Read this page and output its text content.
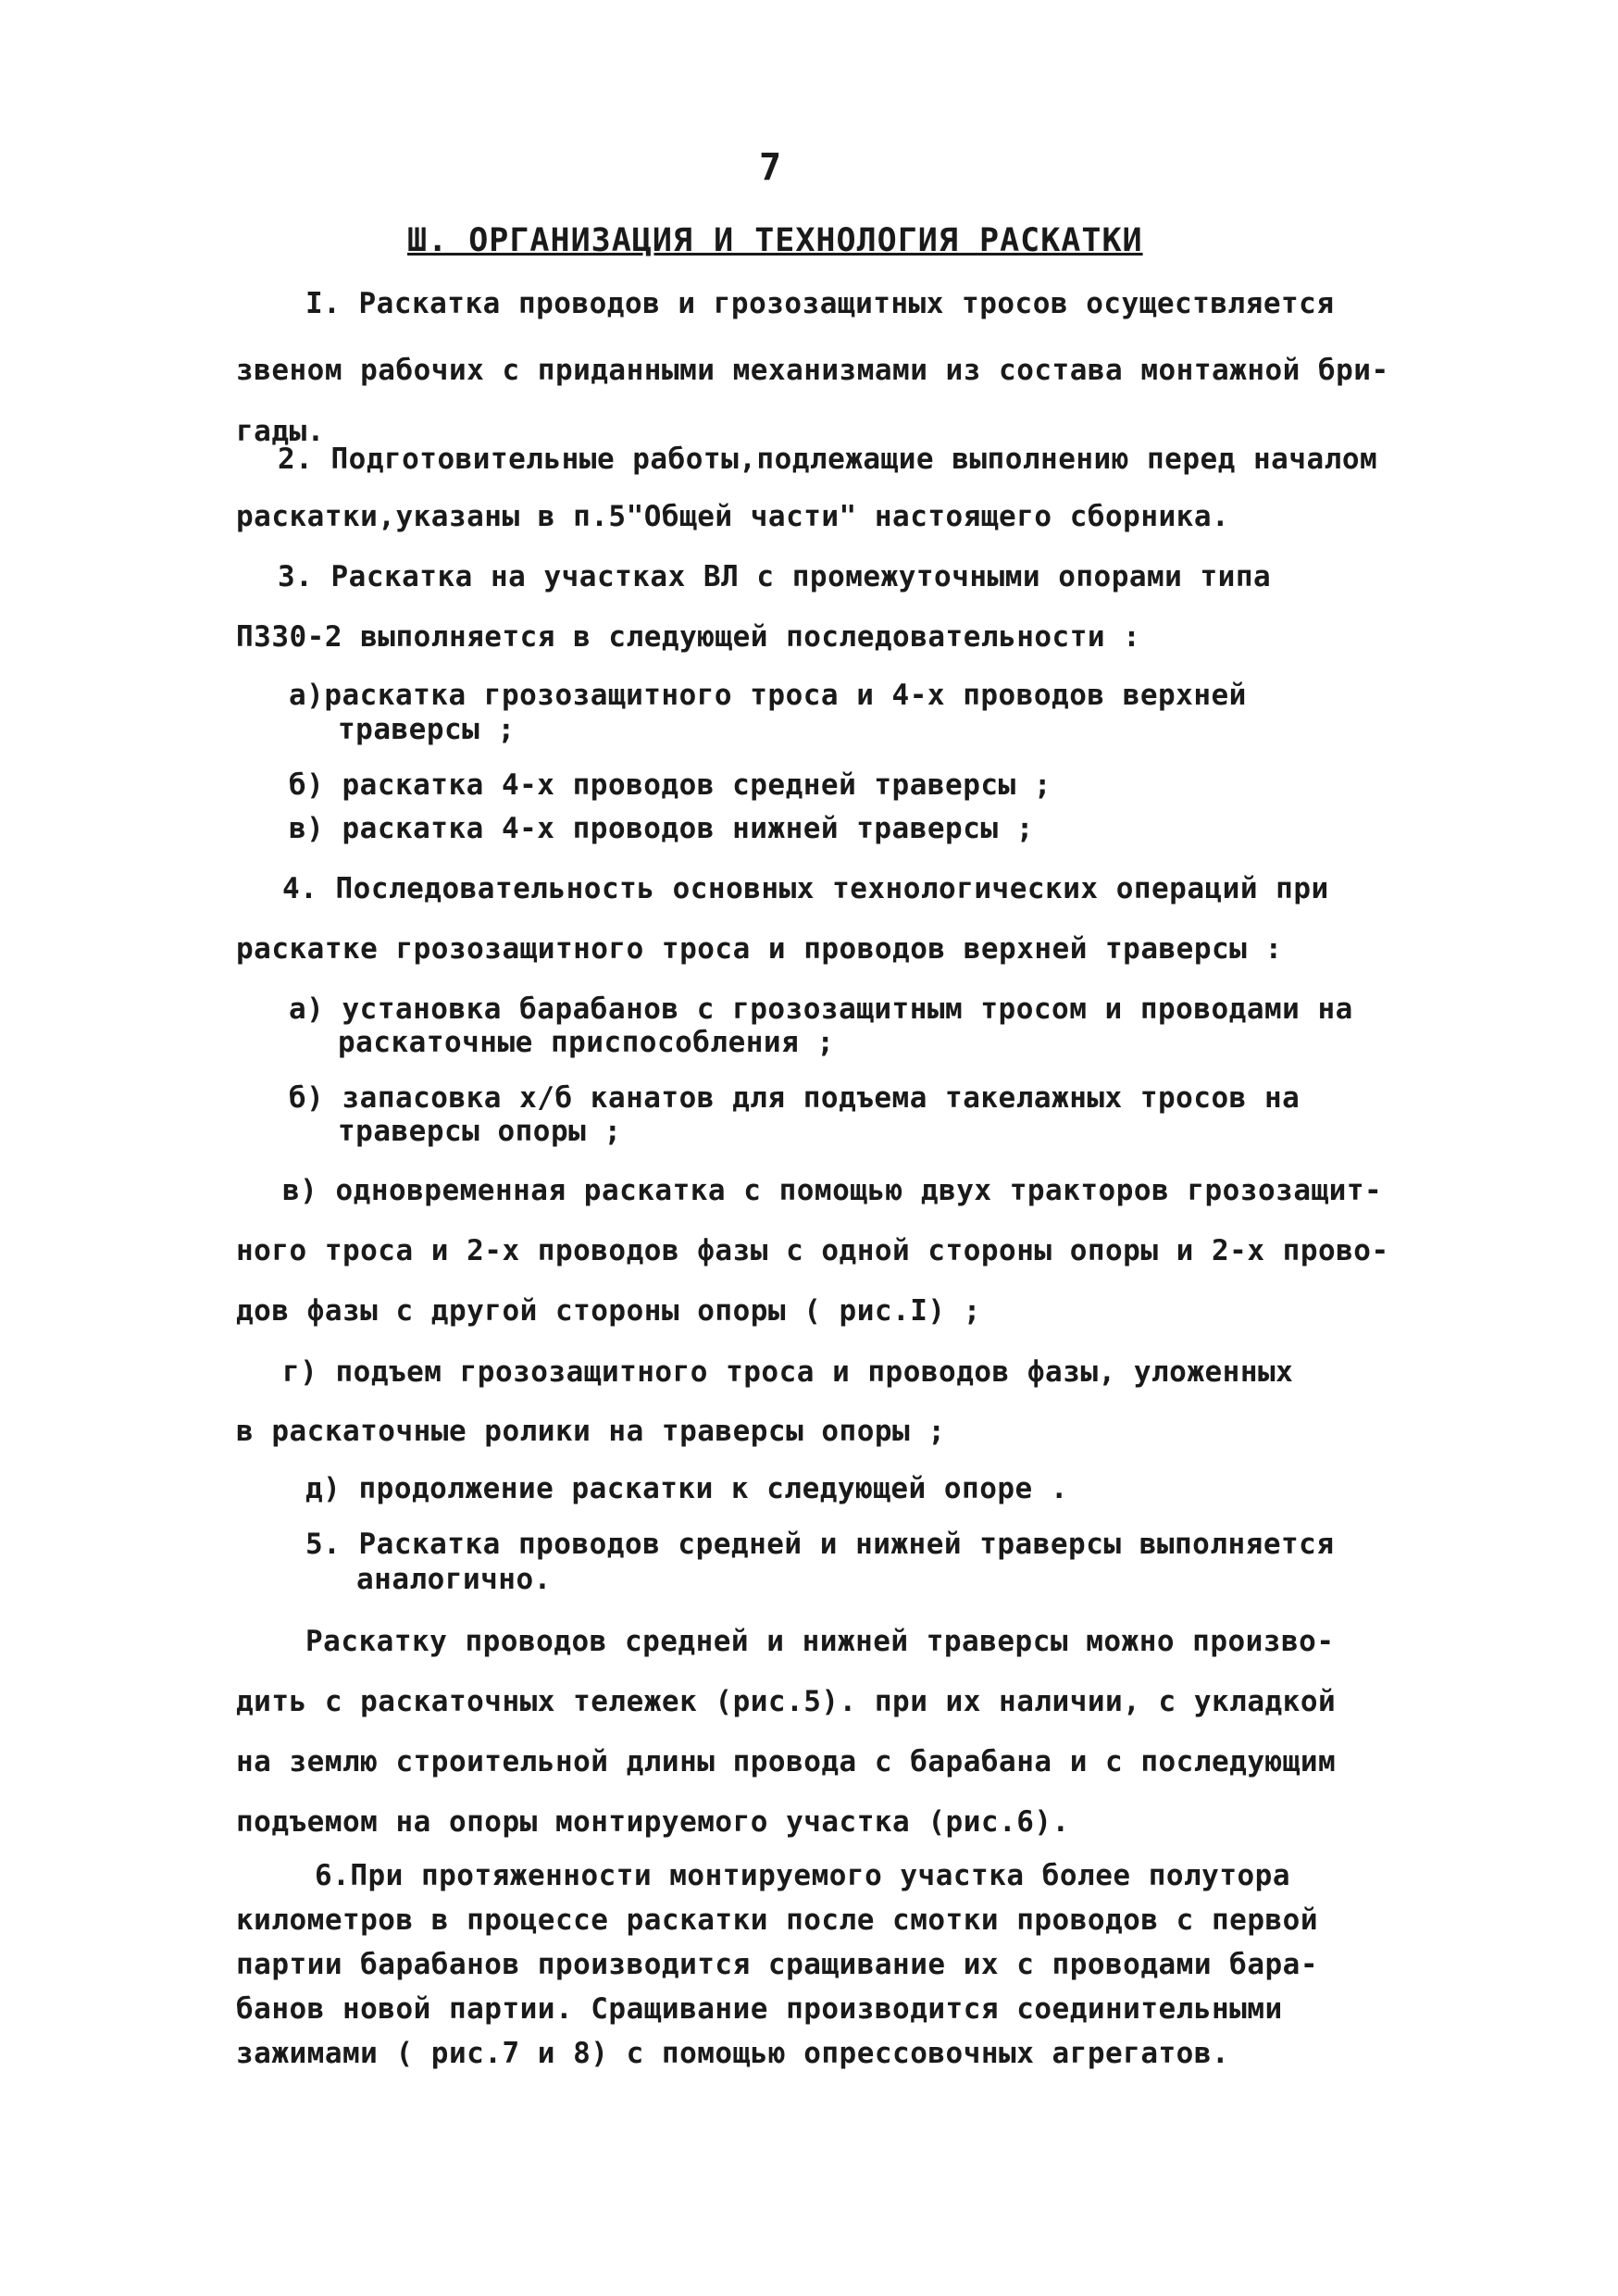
7
Ш. ОРГАНИЗАЦИЯ И ТЕХНОЛОГИЯ РАСКАТКИ
I. Раскатка проводов и грозозащитных тросов осуществляется
звеном рабочих с приданными механизмами из состава монтажной бри-
гады.
2. Подготовительные работы,подлежащие выполнению перед началом
раскатки,указаны в п.5"Общей части" настоящего сборника.
3. Раскатка на участках ВЛ с промежуточными опорами типа
П330-2 выполняется в следующей последовательности :
а)раскатка грозозащитного троса и 4-х проводов верхней
траверсы ;
б) раскатка 4-х проводов средней траверсы ;
в) раскатка 4-х проводов нижней траверсы ;
4. Последовательность основных технологических операций при
раскатке грозозащитного троса и проводов верхней траверсы :
а) установка барабанов с грозозащитным тросом и проводами на
раскаточные приспособления ;
б) запасовка х/б канатов для подъема такелажных тросов на
траверсы опоры ;
в) одновременная раскатка с помощью двух тракторов грозозащит-
ного троса и 2-х проводов фазы с одной стороны опоры и 2-х прово-
дов фазы с другой стороны опоры ( рис.I) ;
г) подъем грозозащитного троса и проводов фазы, уложенных
в раскаточные ролики на траверсы опоры ;
д) продолжение раскатки к следующей опоре .
5. Раскатка проводов средней и нижней траверсы выполняется
аналогично.
Раскатку проводов средней и нижней траверсы можно произво-
дить с раскаточных тележек (рис.5). при их наличии, с укладкой
на землю строительной длины провода с барабана и с последующим
подъемом на опоры монтируемого участка (рис.6).
6.При протяженности монтируемого участка более полутора
километров в процессе раскатки после смотки проводов с первой
партии барабанов производится сращивание их с проводами бара-
банов новой партии. Сращивание производится соединительными
зажимами ( рис.7 и 8) с помощью опрессовочных агрегатов.
